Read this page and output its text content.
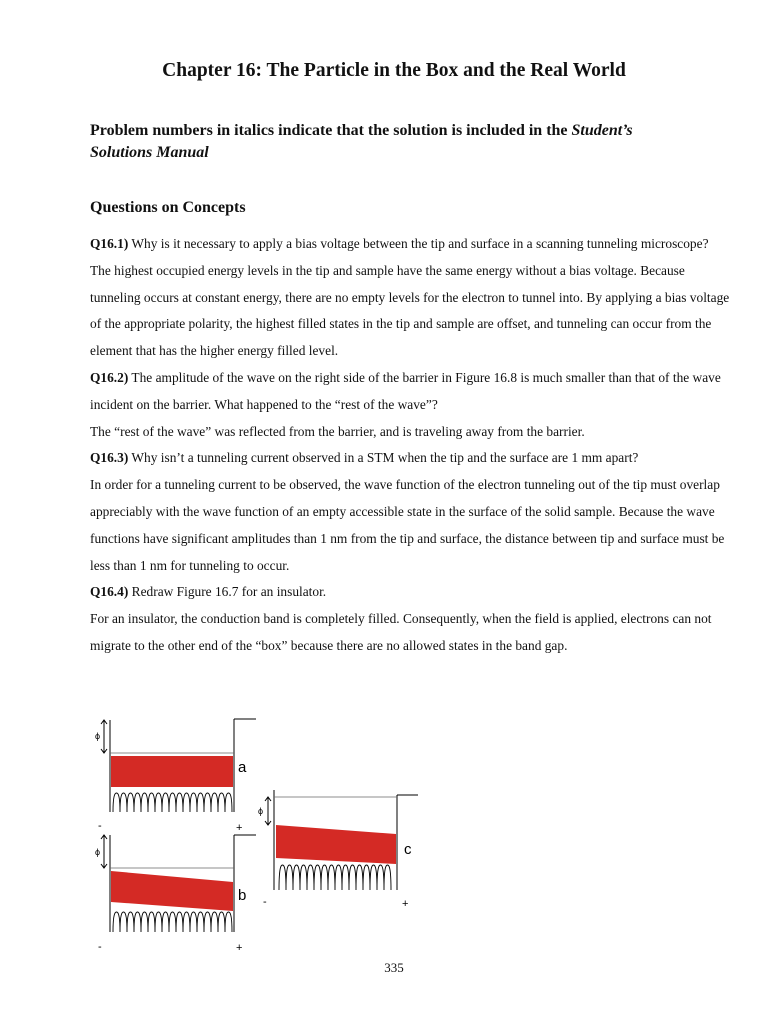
Chapter 16: The Particle in the Box and the Real World

Problem numbers in italics indicate that the solution is included in the Student’s Solutions Manual

Questions on Concepts

Q16.1) Why is it necessary to apply a bias voltage between the tip and surface in a scanning tunneling microscope?

The highest occupied energy levels in the tip and sample have the same energy without a bias voltage. Because tunneling occurs at constant energy, there are no empty levels for the electron to tunnel into. By applying a bias voltage of the appropriate polarity, the highest filled states in the tip and sample are offset, and tunneling can occur from the element that has the higher energy filled level.

Q16.2) The amplitude of the wave on the right side of the barrier in Figure 16.8 is much smaller than that of the wave incident on the barrier. What happened to the “rest of the wave”?

The “rest of the wave” was reflected from the barrier, and is traveling away from the barrier.

Q16.3) Why isn’t a tunneling current observed in a STM when the tip and the surface are 1 mm apart?

In order for a tunneling current to be observed, the wave function of the electron tunneling out of the tip must overlap appreciably with the wave function of an empty accessible state in the surface of the solid sample. Because the wave functions have significant amplitudes than 1 nm from the tip and surface, the distance between tip and surface must be less than 1 nm for tunneling to occur.

Q16.4) Redraw Figure 16.7 for an insulator.

For an insulator, the conduction band is completely filled. Consequently, when the field is applied, electrons can not migrate to the other end of the “box” because there are no allowed states in the band gap.

ϕ
a
-	+
ϕ
b
-	+
ϕ
c
-	+
335
